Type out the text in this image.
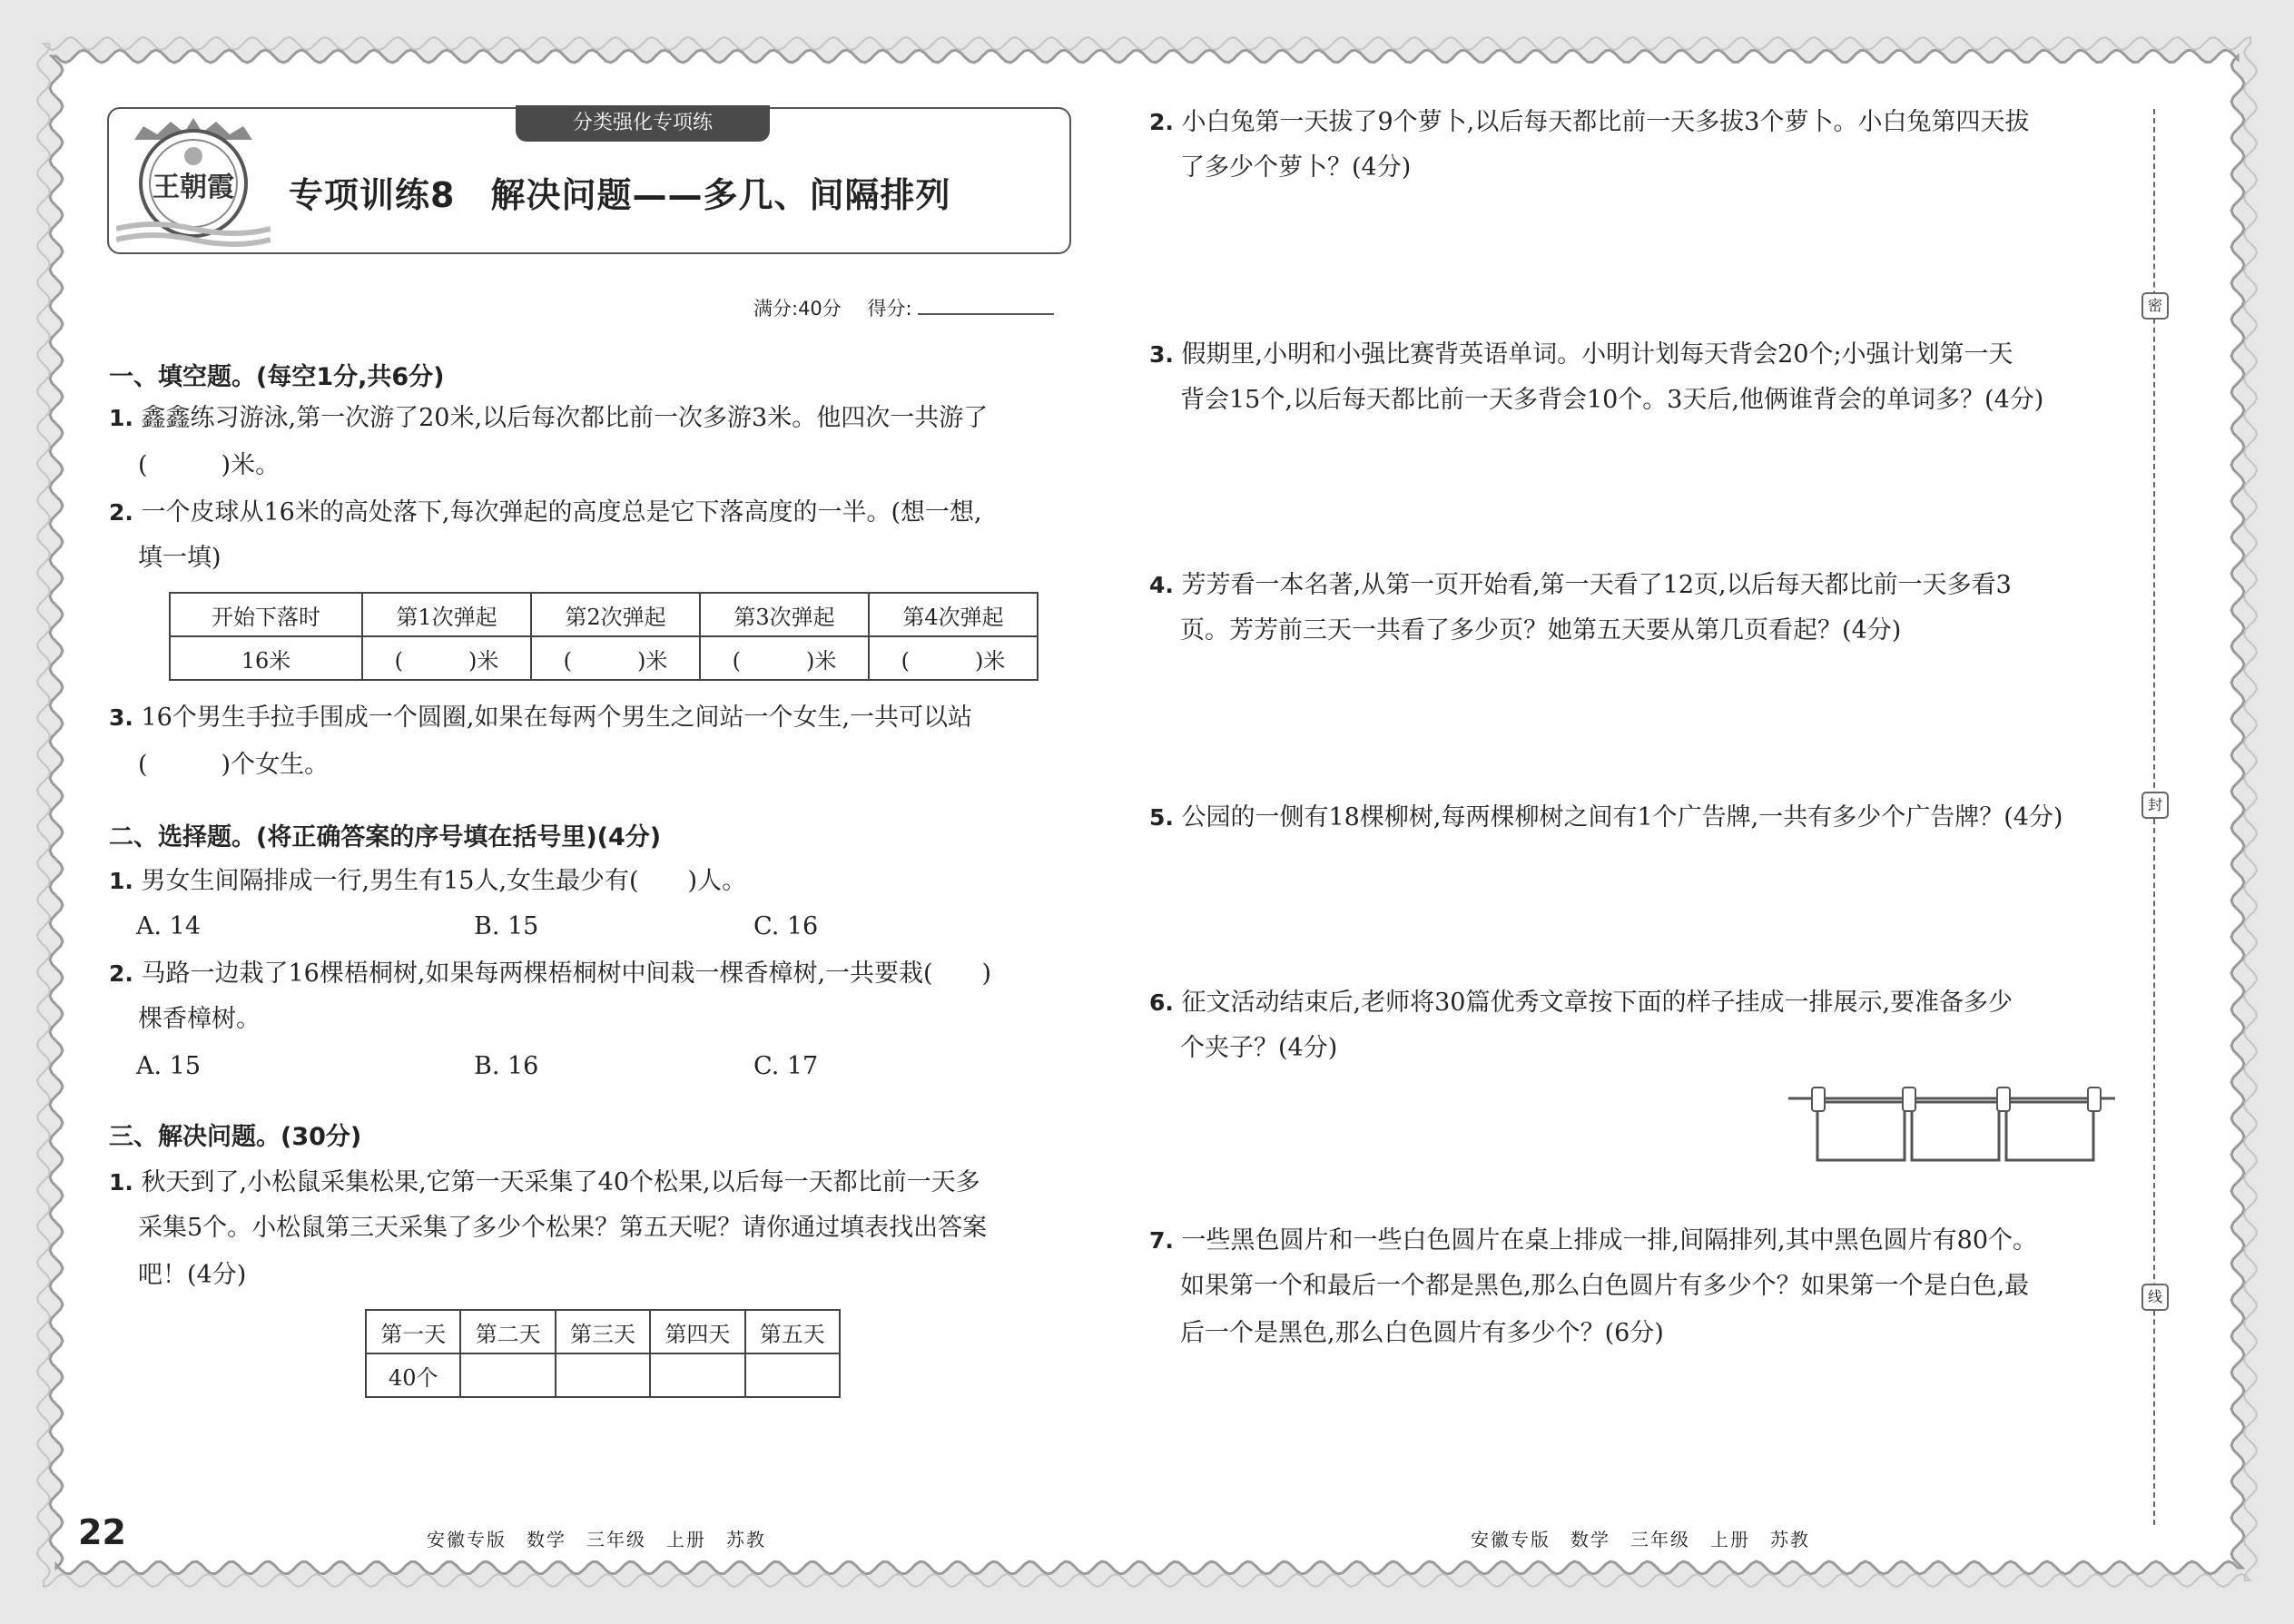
王朝霞
分类强化专项练
专项训练8　解决问题——多几、间隔排列
满分:40分 得分:
一、填空题。(每空1分,共6分)
1. 鑫鑫练习游泳,第一次游了20米,以后每次都比前一次多游3米。他四次一共游了
(　　　)米。
2. 一个皮球从16米的高处落下,每次弹起的高度总是它下落高度的一半。(想一想,
填一填)
开始下落时	第1次弹起	第2次弹起	第3次弹起	第4次弹起
16米	(　　　)米	(　　　)米	(　　　)米	(　　　)米
3. 16个男生手拉手围成一个圆圈,如果在每两个男生之间站一个女生,一共可以站
(　　　)个女生。
二、选择题。(将正确答案的序号填在括号里)(4分)
1. 男女生间隔排成一行,男生有15人,女生最少有(　　)人。
A. 14	B. 15	C. 16
2. 马路一边栽了16棵梧桐树,如果每两棵梧桐树中间栽一棵香樟树,一共要栽(　　)
棵香樟树。
A. 15	B. 16	C. 17
三、解决问题。(30分)
1. 秋天到了,小松鼠采集松果,它第一天采集了40个松果,以后每一天都比前一天多
采集5个。小松鼠第三天采集了多少个松果？第五天呢？请你通过填表找出答案
吧！(4分)
第一天	第二天	第三天	第四天	第五天
40个				
22	安徽专版　数学　三年级　上册　苏教
2. 小白兔第一天拔了9个萝卜,以后每天都比前一天多拔3个萝卜。小白兔第四天拔
了多少个萝卜？(4分)
3. 假期里,小明和小强比赛背英语单词。小明计划每天背会20个;小强计划第一天
背会15个,以后每天都比前一天多背会10个。3天后,他俩谁背会的单词多？(4分)
4. 芳芳看一本名著,从第一页开始看,第一天看了12页,以后每天都比前一天多看3
页。芳芳前三天一共看了多少页？她第五天要从第几页看起？(4分)
5. 公园的一侧有18棵柳树,每两棵柳树之间有1个广告牌,一共有多少个广告牌？(4分)
6. 征文活动结束后,老师将30篇优秀文章按下面的样子挂成一排展示,要准备多少
个夹子？(4分)
7. 一些黑色圆片和一些白色圆片在桌上排成一排,间隔排列,其中黑色圆片有80个。
如果第一个和最后一个都是黑色,那么白色圆片有多少个？如果第一个是白色,最
后一个是黑色,那么白色圆片有多少个？(6分)
安徽专版　数学　三年级　上册　苏教
密
封
线
